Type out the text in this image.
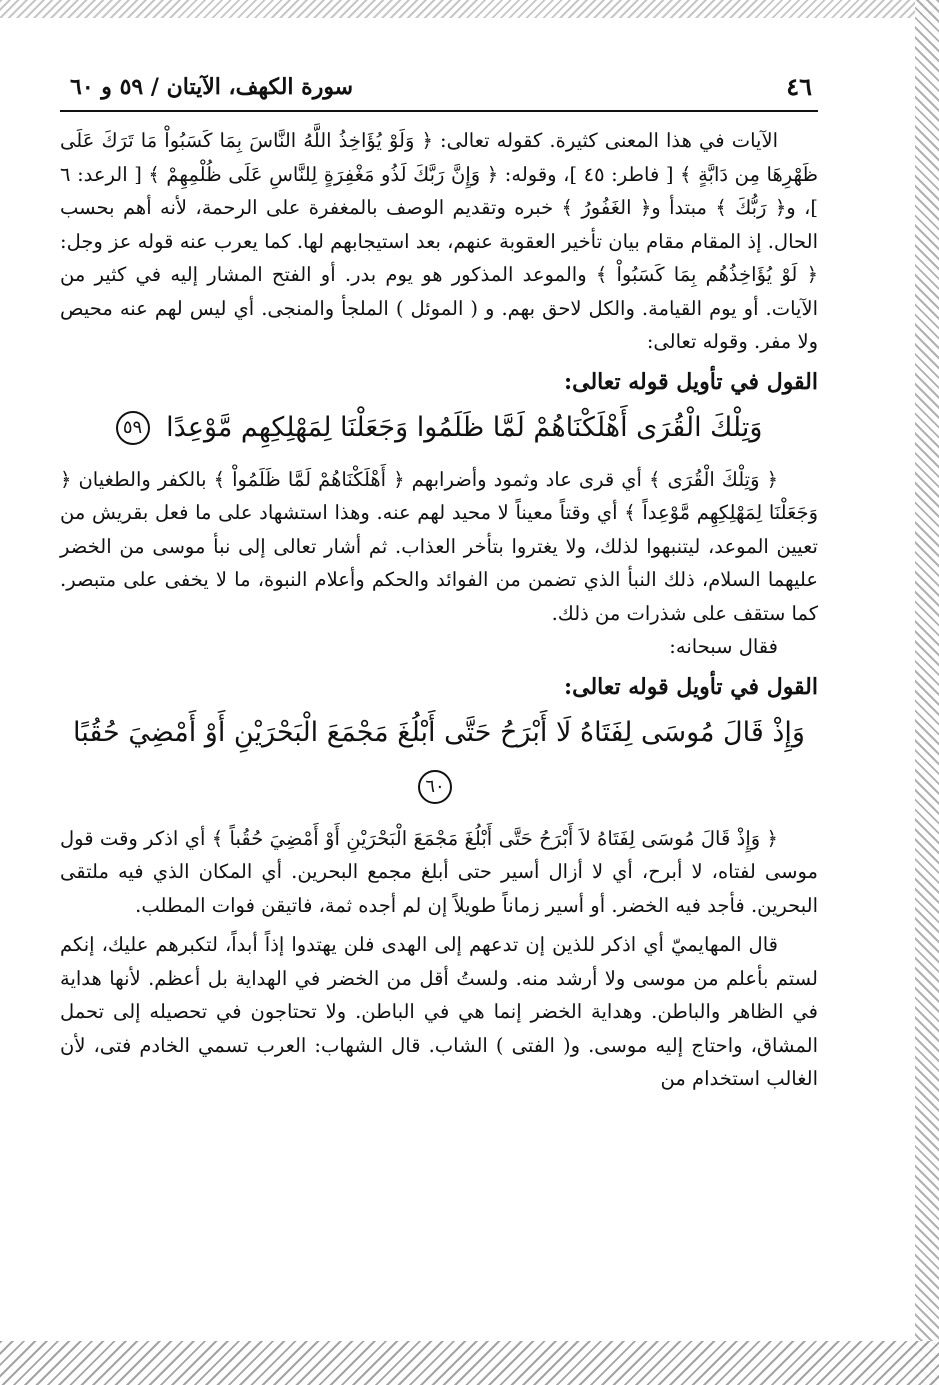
٤٦
سورة الكهف، الآيتان / ٥٩ و ٦٠

الآيات في هذا المعنى كثيرة. كقوله تعالى: ﴿ وَلَوْ يُؤَاخِذُ اللَّهُ النَّاسَ بِمَا كَسَبُواْ مَا تَرَكَ عَلَى ظَهْرِهَا مِن دَابَّةٍ ﴾ [ فاطر: ٤٥ ]، وقوله: ﴿ وَإِنَّ رَبَّكَ لَذُو مَغْفِرَةٍ لِلنَّاسِ عَلَى ظُلْمِهِمْ ﴾ [ الرعد: ٦ ]، و﴿ رَبُّكَ ﴾ مبتدأ و﴿ الغَفُورُ ﴾ خبره وتقديم الوصف بالمغفرة على الرحمة، لأنه أهم بحسب الحال. إذ المقام مقام بيان تأخير العقوبة عنهم، بعد استيجابهم لها. كما يعرب عنه قوله عز وجل: ﴿ لَوْ يُؤَاخِذُهُم بِمَا كَسَبُواْ ﴾ والموعد المذكور هو يوم بدر. أو الفتح المشار إليه في كثير من الآيات. أو يوم القيامة. والكل لاحق بهم. و ( الموئل ) الملجأ والمنجى. أي ليس لهم عنه محيص ولا مفر. وقوله تعالى:

القول في تأويل قوله تعالى:
وَتِلْكَ الْقُرَى أَهْلَكْنَاهُمْ لَمَّا ظَلَمُوا وَجَعَلْنَا لِمَهْلِكِهِم مَّوْعِدًا ٥٩

﴿ وَتِلْكَ الْقُرَى ﴾ أي قرى عاد وثمود وأضرابهم ﴿ أَهْلَكْنَاهُمْ لَمَّا ظَلَمُواْ ﴾ بالكفر والطغيان ﴿ وَجَعَلْنَا لِمَهْلِكِهِم مَّوْعِداً ﴾ أي وقتاً معيناً لا محيد لهم عنه. وهذا استشهاد على ما فعل بقريش من تعيين الموعد، ليتنبهوا لذلك، ولا يغتروا بتأخر العذاب. ثم أشار تعالى إلى نبأ موسى من الخضر عليهما السلام، ذلك النبأ الذي تضمن من الفوائد والحكم وأعلام النبوة، ما لا يخفى على متبصر. كما ستقف على شذرات من ذلك.

فقال سبحانه:

القول في تأويل قوله تعالى:
وَإِذْ قَالَ مُوسَى لِفَتَاهُ لَا أَبْرَحُ حَتَّى أَبْلُغَ مَجْمَعَ الْبَحْرَيْنِ أَوْ أَمْضِيَ حُقُبًا ٦٠

﴿ وَإِذْ قَالَ مُوسَى لِفَتَاهُ لاَ أَبْرَحُ حَتَّى أَبْلُغَ مَجْمَعَ الْبَحْرَيْنِ أَوْ أَمْضِيَ حُقُباً ﴾ أي اذكر وقت قول موسى لفتاه، لا أبرح، أي لا أزال أسير حتى أبلغ مجمع البحرين. أي المكان الذي فيه ملتقى البحرين. فأجد فيه الخضر. أو أسير زماناً طويلاً إن لم أجده ثمة، فاتيقن فوات المطلب.

قال المهايميّ أي اذكر للذين إن تدعهم إلى الهدى فلن يهتدوا إذاً أبداً، لتكبرهم عليك، إنكم لستم بأعلم من موسى ولا أرشد منه. ولستُ أقل من الخضر في الهداية بل أعظم. لأنها هداية في الظاهر والباطن. وهداية الخضر إنما هي في الباطن. ولا تحتاجون في تحصيله إلى تحمل المشاق، واحتاج إليه موسى. و( الفتى ) الشاب. قال الشهاب: العرب تسمي الخادم فتى، لأن الغالب استخدام من
